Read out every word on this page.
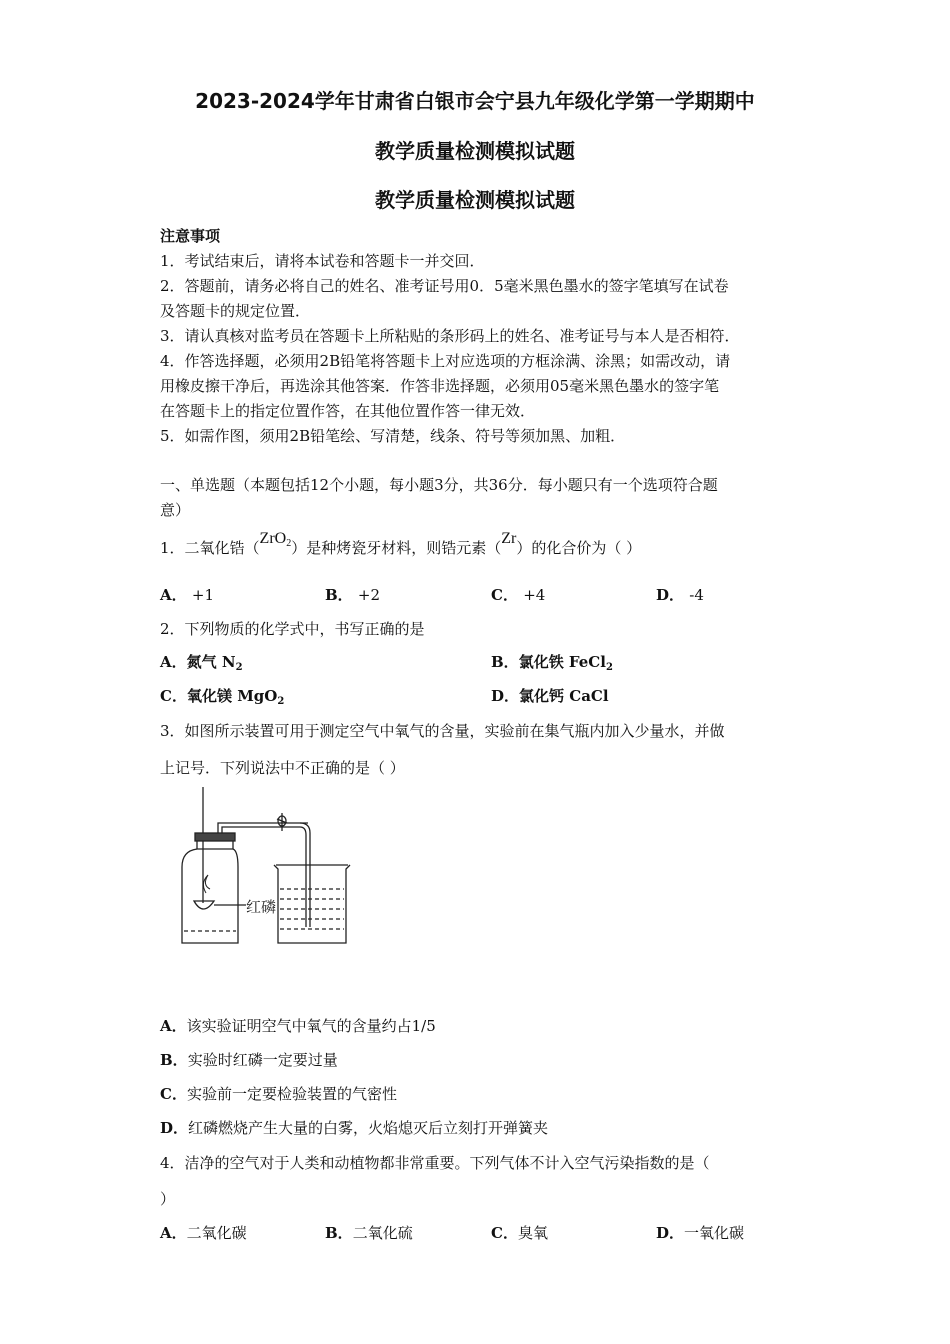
2023-2024学年甘肃省白银市会宁县九年级化学第一学期期中
教学质量检测模拟试题
教学质量检测模拟试题
注意事项
1．考试结束后，请将本试卷和答题卡一并交回．
2．答题前，请务必将自己的姓名、准考证号用0．5毫米黑色墨水的签字笔填写在试卷
及答题卡的规定位置．
3．请认真核对监考员在答题卡上所粘贴的条形码上的姓名、准考证号与本人是否相符．
4．作答选择题，必须用2B铅笔将答题卡上对应选项的方框涂满、涂黑；如需改动，请
用橡皮擦干净后，再选涂其他答案．作答非选择题，必须用05毫米黑色墨水的签字笔
在答题卡上的指定位置作答，在其他位置作答一律无效．
5．如需作图，须用2B铅笔绘、写清楚，线条、符号等须加黑、加粗．
一、单选题（本题包括12个小题，每小题3分，共36分．每小题只有一个选项符合题
意）
1．二氧化锆（ZrO2）是种烤瓷牙材料，则锆元素（Zr）的化合价为（ ）
A． +1	B． +2	C． +4	D． -4
2．下列物质的化学式中，书写正确的是
A．氮气 $N_2$	B．氯化铁 FeCl$_2$
C．氧化镁 MgO$_2$	D．氯化钙 CaCl
3．如图所示装置可用于测定空气中氧气的含量，实验前在集气瓶内加入少量水，并做
上记号．下列说法中不正确的是（ ）
红磷
A．该实验证明空气中氧气的含量约占1/5
B．实验时红磷一定要过量
C．实验前一定要检验装置的气密性
D．红磷燃烧产生大量的白雾，火焰熄灭后立刻打开弹簧夹
4．洁净的空气对于人类和动植物都非常重要。下列气体不计入空气污染指数的是（
）
A．二氧化碳	B．二氧化硫	C．臭氧	D．一氧化碳
